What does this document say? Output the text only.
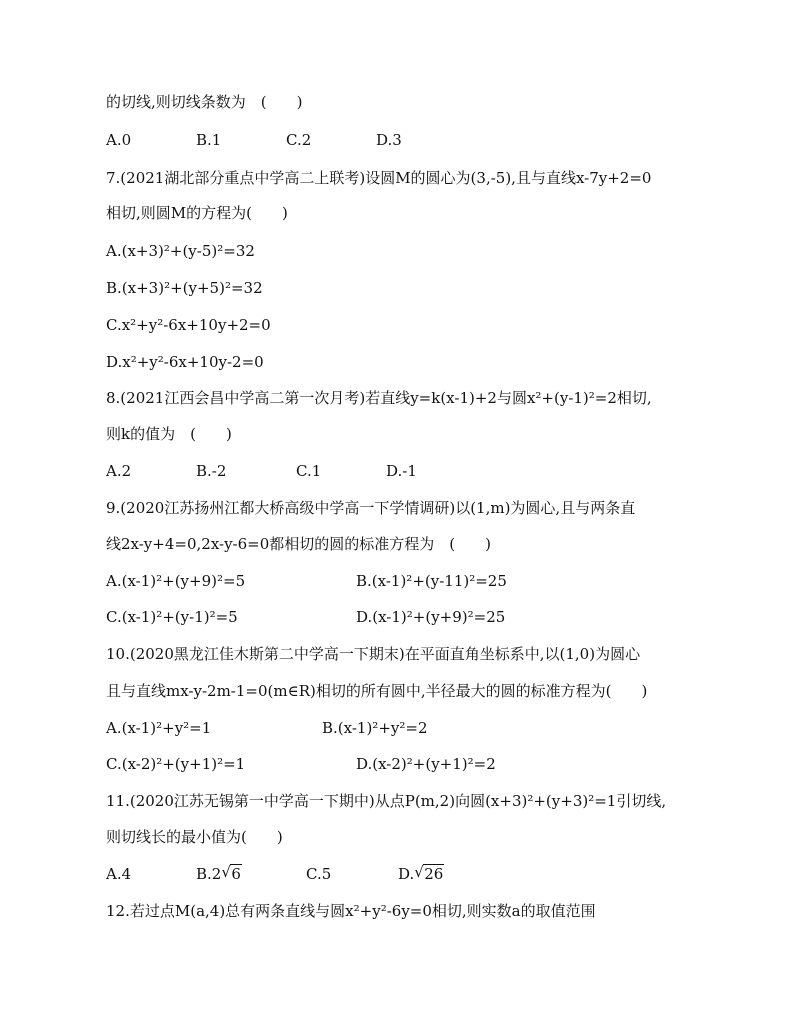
的切线,则切线条数为　(　　)
A.0	B.1	C.2	D.3
7.(2021湖北部分重点中学高二上联考)设圆M的圆心为(3,-5),且与直线x-7y+2=0
相切,则圆M的方程为(　　)
A.(x+3)²+(y-5)²=32
B.(x+3)²+(y+5)²=32
C.x²+y²-6x+10y+2=0
D.x²+y²-6x+10y-2=0
8.(2021江西会昌中学高二第一次月考)若直线y=k(x-1)+2与圆x²+(y-1)²=2相切,
则k的值为　(　　)
A.2	B.-2	C.1	D.-1
9.(2020江苏扬州江都大桥高级中学高一下学情调研)以(1,m)为圆心,且与两条直
线2x-y+4=0,2x-y-6=0都相切的圆的标准方程为　(　　)
A.(x-1)²+(y+9)²=5	B.(x-1)²+(y-11)²=25
C.(x-1)²+(y-1)²=5	D.(x-1)²+(y+9)²=25
10.(2020黑龙江佳木斯第二中学高一下期末)在平面直角坐标系中,以(1,0)为圆心
且与直线mx-y-2m-1=0(m∈R)相切的所有圆中,半径最大的圆的标准方程为(　　)
A.(x-1)²+y²=1	B.(x-1)²+y²=2
C.(x-2)²+(y+1)²=1	D.(x-2)²+(y+1)²=2
11.(2020江苏无锡第一中学高一下期中)从点P(m,2)向圆(x+3)²+(y+3)²=1引切线,
则切线长的最小值为(　　)
A.4	B.2 √ 6	C.5	D. √ 26
12.若过点M(a,4)总有两条直线与圆x²+y²-6y=0相切,则实数a的取值范围
